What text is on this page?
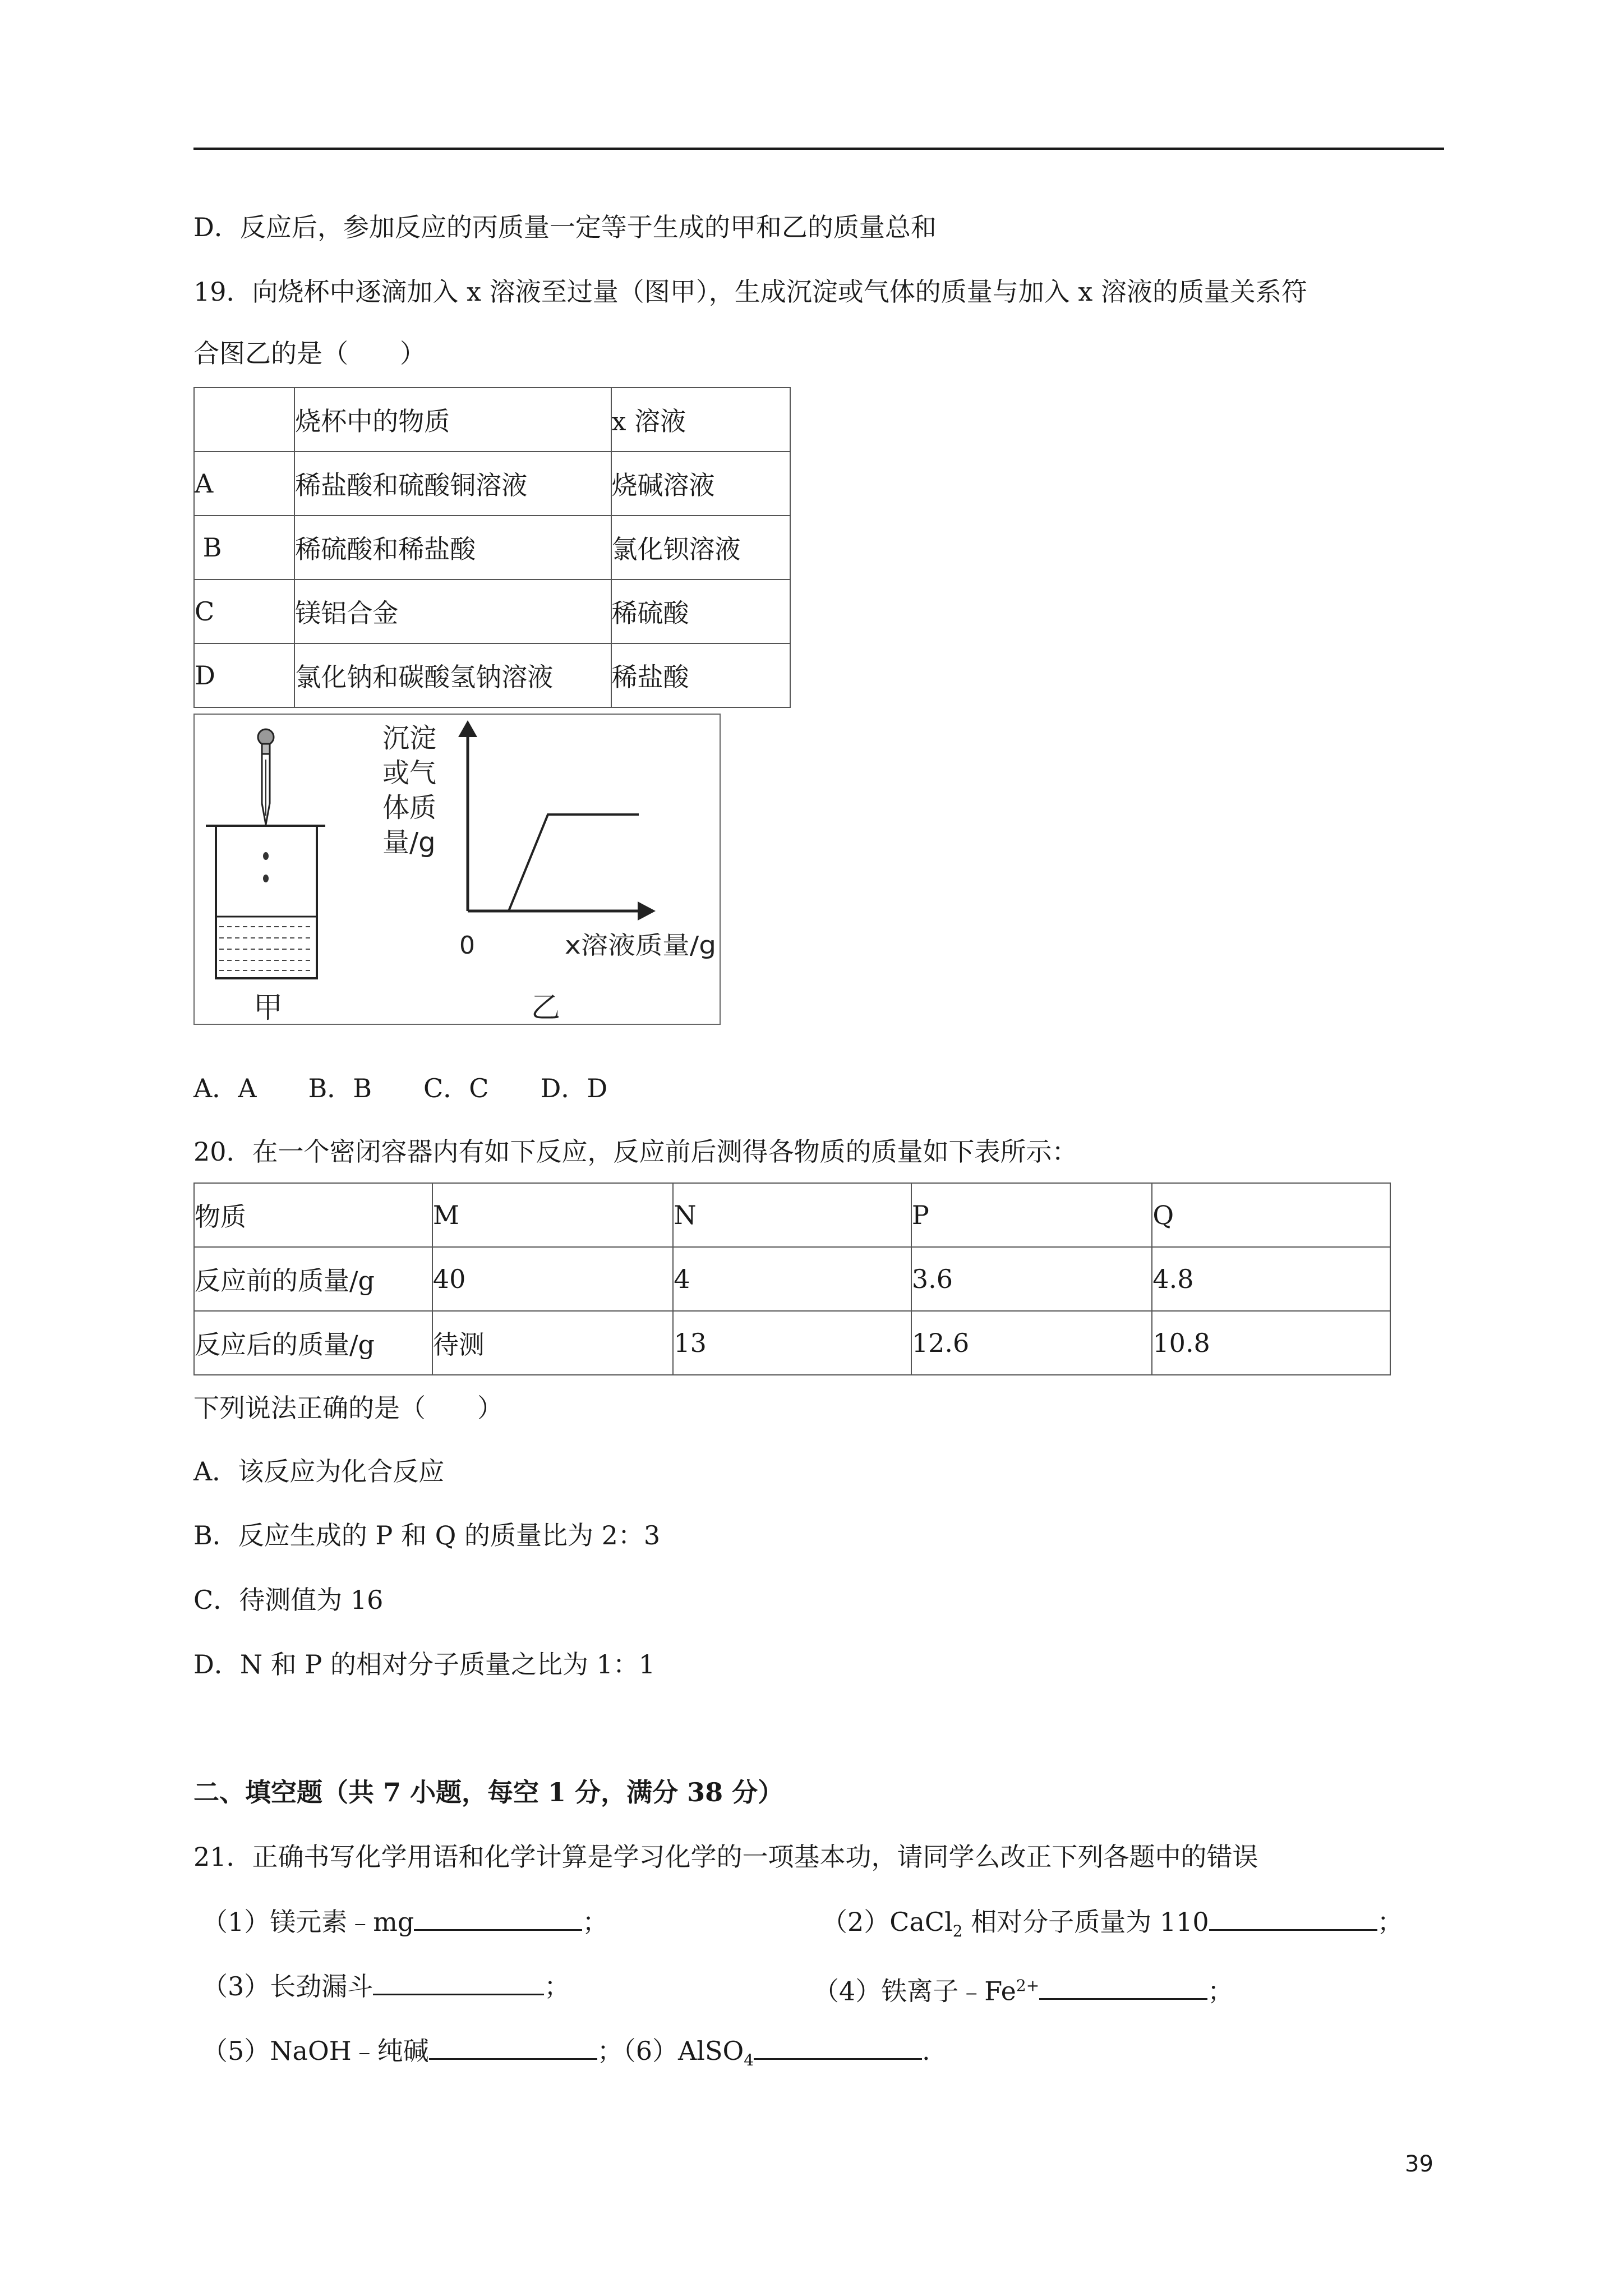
D．反应后，参加反应的丙质量一定等于生成的甲和乙的质量总和
19．向烧杯中逐滴加入 x 溶液至过量（图甲），生成沉淀或气体的质量与加入 x 溶液的质量关系符
合图乙的是（　　）
	烧杯中的物质	x 溶液
A	稀盐酸和硫酸铜溶液	烧碱溶液
B	稀硫酸和稀盐酸	氯化钡溶液
C	镁铝合金	稀硫酸
D	氯化钠和碳酸氢钠溶液	稀盐酸
沉淀
或气
体质
量/g
0	x溶液质量/g
甲	乙
A．A　　B．B　　C．C　　D．D
20．在一个密闭容器内有如下反应，反应前后测得各物质的质量如下表所示：
物质	M	N	P	Q
反应前的质量/g	40	4	3.6	4.8
反应后的质量/g	待测	13	12.6	10.8
下列说法正确的是（　　）
A．该反应为化合反应
B．反应生成的 P 和 Q 的质量比为 2：3
C．待测值为 16
D．N 和 P 的相对分子质量之比为 1：1
二、填空题（共 7 小题，每空 1 分，满分 38 分）
21．正确书写化学用语和化学计算是学习化学的一项基本功，请同学么改正下列各题中的错误
（1）镁元素﹣mg	；	（2）CaCl$_2$ 相对分子质量为 110	；
（3）长劲漏斗	；	（4）铁离子$﹣Fe^{2+}$	；
（5）NaOH﹣纯碱	；（6）AlSO$_4$	.
39
